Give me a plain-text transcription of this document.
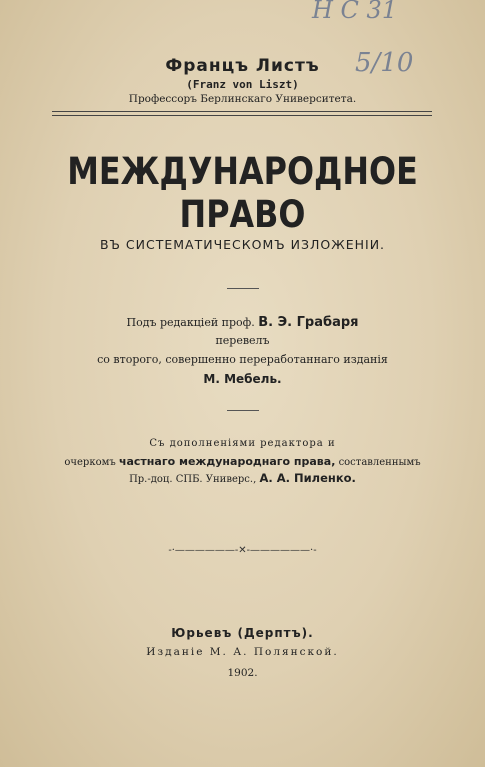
Н С 31
5/10
Францъ Листъ
(Franz von Liszt)
Профессоръ Берлинскаго Университета.
МЕЖДУНАРОДНОЕ ПРАВО
ВЪ СИСТЕМАТИЧЕСКОМЪ ИЗЛОЖЕНІИ.
Подъ редакціей проф. В. Э. Грабаря
перевелъ
со второго, совершенно переработаннаго изданія
М. Мебель.
Съ дополненіями редактора и
очеркомъ частнаго международнаго права, составленнымъ
Пр.-доц. СПБ. Универс., А. А. Пиленко.
-·——————-✕-——————·-
Юрьевъ (Дерптъ).
Изданіе М. А. Полянской.
1902.
